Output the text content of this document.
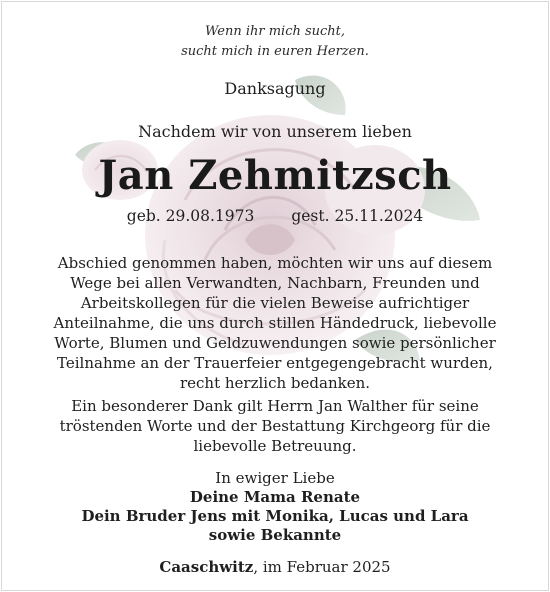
Wenn ihr mich sucht,
sucht mich in euren Herzen.
Danksagung
Nachdem wir von unserem lieben
Jan Zehmitzsch
geb. 29.08.1973 gest. 25.11.2024
Abschied genommen haben, möchten wir uns auf diesem
Wege bei allen Verwandten, Nachbarn, Freunden und
Arbeitskollegen für die vielen Beweise aufrichtiger
Anteilnahme, die uns durch stillen Händedruck, liebevolle
Worte, Blumen und Geldzuwendungen sowie persönlicher
Teilnahme an der Trauerfeier entgegengebracht wurden,
recht herzlich bedanken.
Ein besonderer Dank gilt Herrn Jan Walther für seine
tröstenden Worte und der Bestattung Kirchgeorg für die
liebevolle Betreuung.
In ewiger Liebe
Deine Mama Renate
Dein Bruder Jens mit Monika, Lucas und Lara
sowie Bekannte
Caaschwitz, im Februar 2025
